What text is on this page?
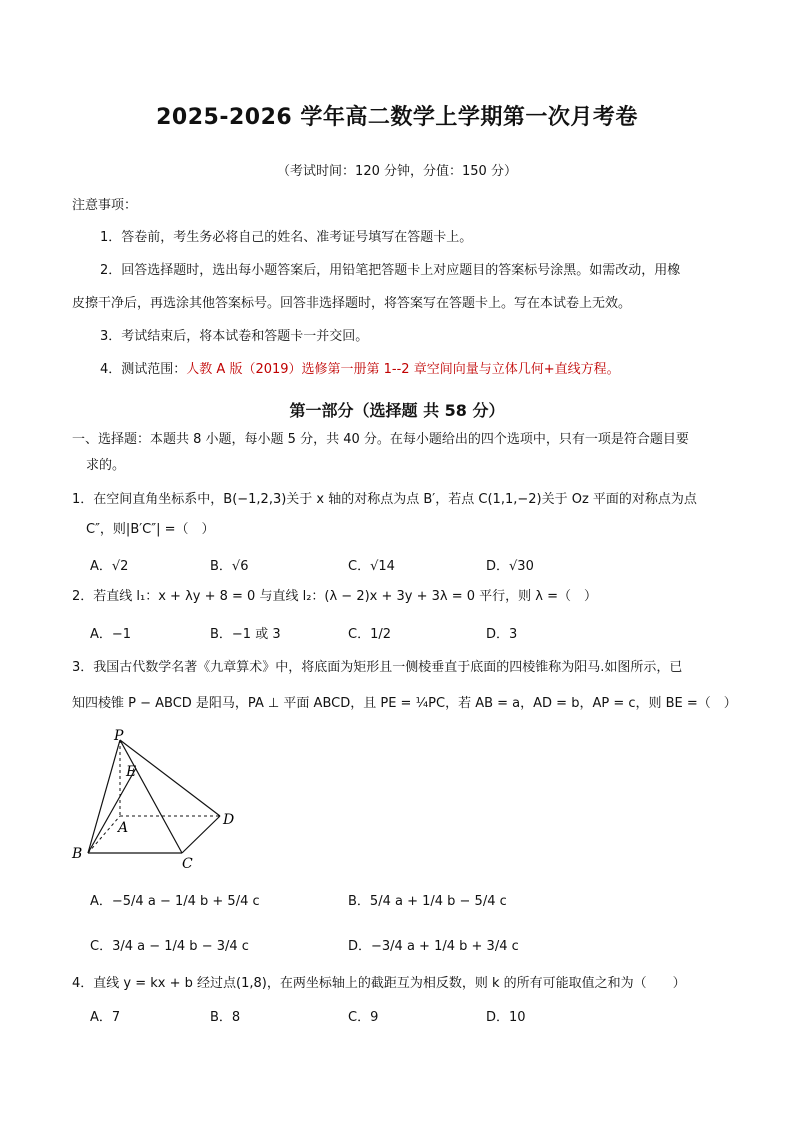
2025-2026 学年高二数学上学期第一次月考卷
（考试时间：120 分钟，分值：150 分）
注意事项：
1．答卷前，考生务必将自己的姓名、准考证号填写在答题卡上。
2．回答选择题时，选出每小题答案后，用铅笔把答题卡上对应题目的答案标号涂黑。如需改动，用橡
皮擦干净后，再选涂其他答案标号。回答非选择题时，将答案写在答题卡上。写在本试卷上无效。
3．考试结束后，将本试卷和答题卡一并交回。
4．测试范围：人教 A 版（2019）选修第一册第 1--2 章空间向量与立体几何+直线方程。
第一部分（选择题 共 58 分）
一、选择题：本题共 8 小题，每小题 5 分，共 40 分。在每小题给出的四个选项中，只有一项是符合题目要
求的。
1．在空间直角坐标系中，B(−1,2,3)关于 x 轴的对称点为点 B′，若点 C(1,1,−2)关于 Oz 平面的对称点为点
C″，则|B′C″| =（　）
A．√2	B．√6	C．√14	D．√30
2．若直线 l₁：x + λy + 8 = 0 与直线 l₂：(λ − 2)x + 3y + 3λ = 0 平行，则 λ =（　）
A．−1	B．−1 或 3	C．1/2	D．3
3．我国古代数学名著《九章算术》中，将底面为矩形且一侧棱垂直于底面的四棱锥称为阳马.如图所示，已
知四棱锥 P − ABCD 是阳马，PA ⊥ 平面 ABCD，且 PE = ¼PC，若 AB = a，AD = b，AP = c，则 BE =（　）
P
E
A
B
C
D
A．−5/4 a − 1/4 b + 5/4 c	B．5/4 a + 1/4 b − 5/4 c
C．3/4 a − 1/4 b − 3/4 c	D．−3/4 a + 1/4 b + 3/4 c
4．直线 y = kx + b 经过点(1,8)，在两坐标轴上的截距互为相反数，则 k 的所有可能取值之和为（　　）
A．7	B．8	C．9	D．10
